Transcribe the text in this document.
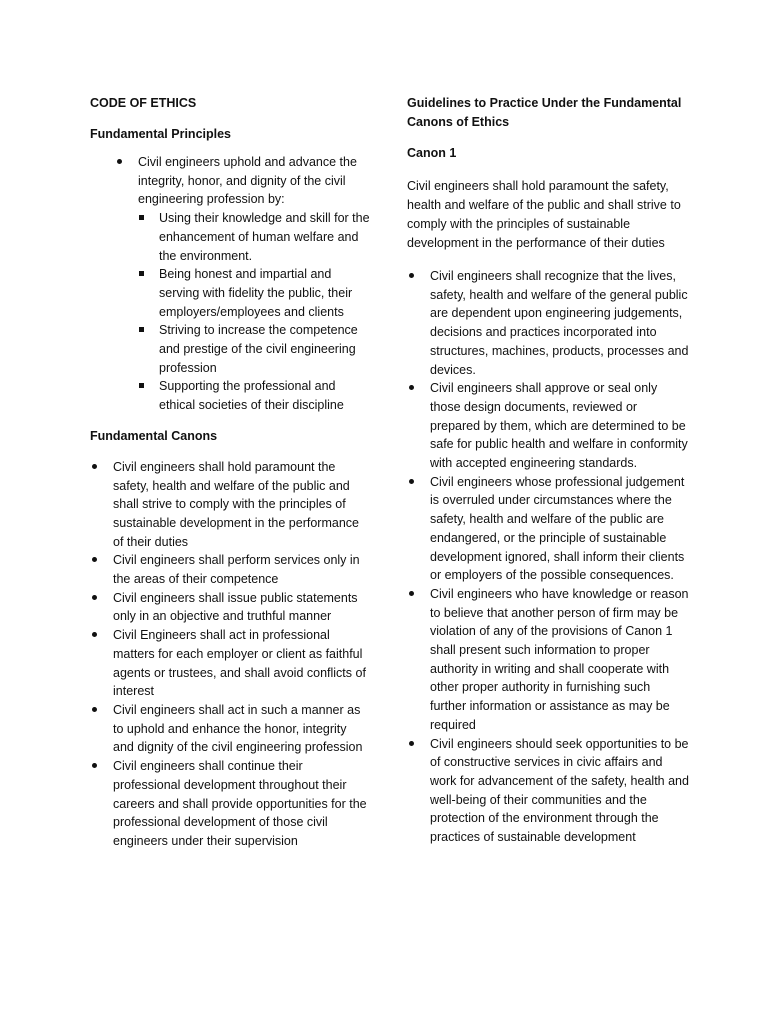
CODE OF ETHICS

Fundamental Principles

Civil engineers uphold and advance the integrity, honor, and dignity of the civil engineering profession by:
Using their knowledge and skill for the enhancement of human welfare and the environment.
Being honest and impartial and serving with fidelity the public, their employers/employees and clients
Striving to increase the competence and prestige of the civil engineering profession
Supporting the professional and ethical societies of their discipline

Fundamental Canons

Civil engineers shall hold paramount the safety, health and welfare of the public and shall strive to comply with the principles of sustainable development in the performance of their duties
Civil engineers shall perform services only in the areas of their competence
Civil engineers shall issue public statements only in an objective and truthful manner
Civil Engineers shall act in professional matters for each employer or client as faithful agents or trustees, and shall avoid conflicts of interest
Civil engineers shall act in such a manner as to uphold and enhance the honor, integrity and dignity of the civil engineering profession
Civil engineers shall continue their professional development throughout their careers and shall provide opportunities for the professional development of those civil engineers under their supervision

Guidelines to Practice Under the Fundamental Canons of Ethics

Canon 1

Civil engineers shall hold paramount the safety, health and welfare of the public and shall strive to comply with the principles of sustainable development in the performance of their duties

Civil engineers shall recognize that the lives, safety, health and welfare of the general public are dependent upon engineering judgements, decisions and practices incorporated into structures, machines, products, processes and devices.
Civil engineers shall approve or seal only those design documents, reviewed or prepared by them, which are determined to be safe for public health and welfare in conformity with accepted engineering standards.
Civil engineers whose professional judgement is overruled under circumstances where the safety, health and welfare of the public are endangered, or the principle of sustainable development ignored, shall inform their clients or employers of the possible consequences.
Civil engineers who have knowledge or reason to believe that another person of firm may be violation of any of the provisions of Canon 1 shall present such information to proper authority in writing and shall cooperate with other proper authority in furnishing such further information or assistance as may be required
Civil engineers should seek opportunities to be of constructive services in civic affairs and work for advancement of the safety, health and well-being of their communities and the protection of the environment through the practices of sustainable development
